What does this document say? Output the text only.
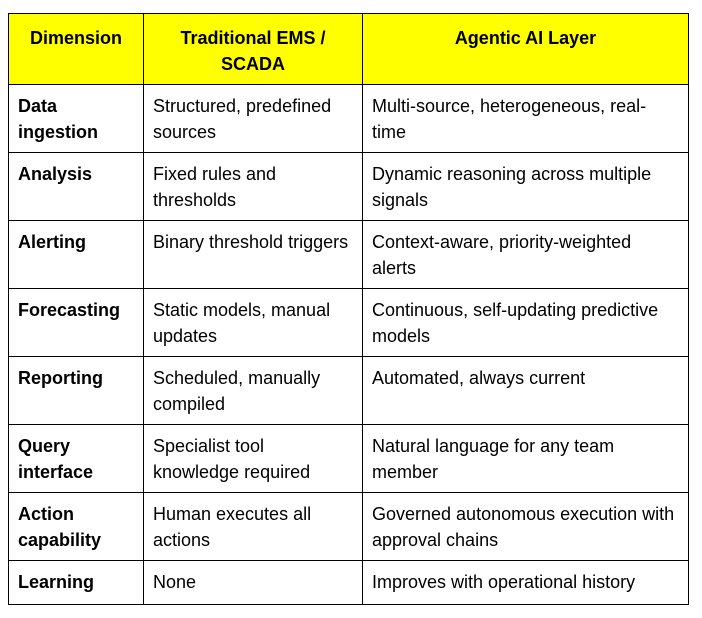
Dimension	Traditional EMS / SCADA	Agentic AI Layer
Data ingestion	Structured, predefined sources	Multi-source, heterogeneous, real-time
Analysis	Fixed rules and thresholds	Dynamic reasoning across multiple signals
Alerting	Binary threshold triggers	Context-aware, priority-weighted alerts
Forecasting	Static models, manual updates	Continuous, self-updating predictive models
Reporting	Scheduled, manually compiled	Automated, always current
Query interface	Specialist tool knowledge required	Natural language for any team member
Action capability	Human executes all actions	Governed autonomous execution with approval chains
Learning	None	Improves with operational history
